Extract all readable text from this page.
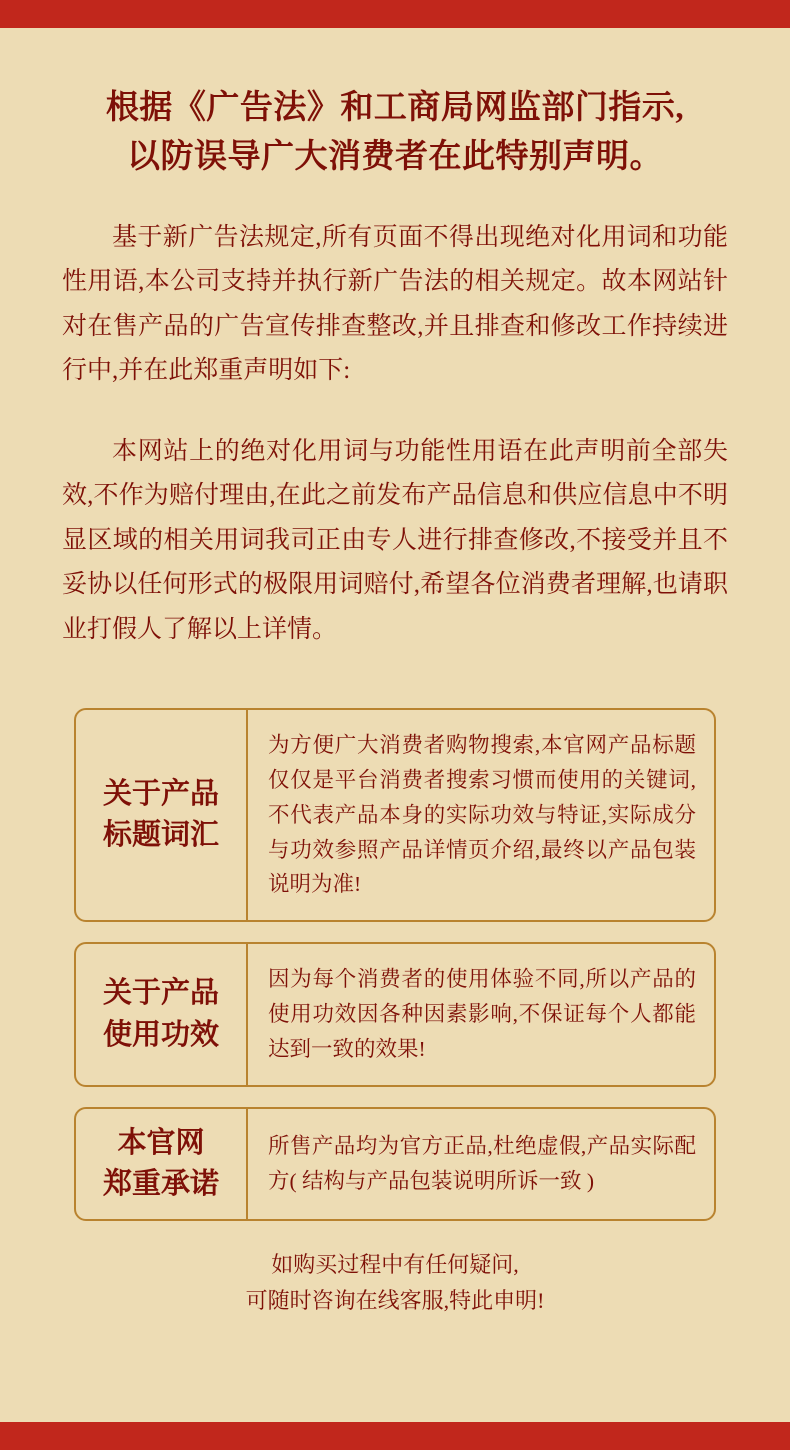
根据《广告法》和工商局网监部门指示,
以防误导广大消费者在此特别声明。

基于新广告法规定,所有页面不得出现绝对化用词和功能性用语,本公司支持并执行新广告法的相关规定。故本网站针对在售产品的广告宣传排查整改,并且排查和修改工作持续进行中,并在此郑重声明如下:

本网站上的绝对化用词与功能性用语在此声明前全部失效,不作为赔付理由,在此之前发布产品信息和供应信息中不明显区域的相关用词我司正由专人进行排查修改,不接受并且不妥协以任何形式的极限用词赔付,希望各位消费者理解,也请职业打假人了解以上详情。

关于产品
标题词汇
为方便广大消费者购物搜索,本官网产品标题仅仅是平台消费者搜索习惯而使用的关键词,不代表产品本身的实际功效与特证,实际成分与功效参照产品详情页介绍,最终以产品包装说明为准!
关于产品
使用功效
因为每个消费者的使用体验不同,所以产品的使用功效因各种因素影响,不保证每个人都能达到一致的效果!
本官网
郑重承诺
所售产品均为官方正品,杜绝虚假,产品实际配方( 结构与产品包装说明所诉一致 )
如购买过程中有任何疑问,
可随时咨询在线客服,特此申明!
